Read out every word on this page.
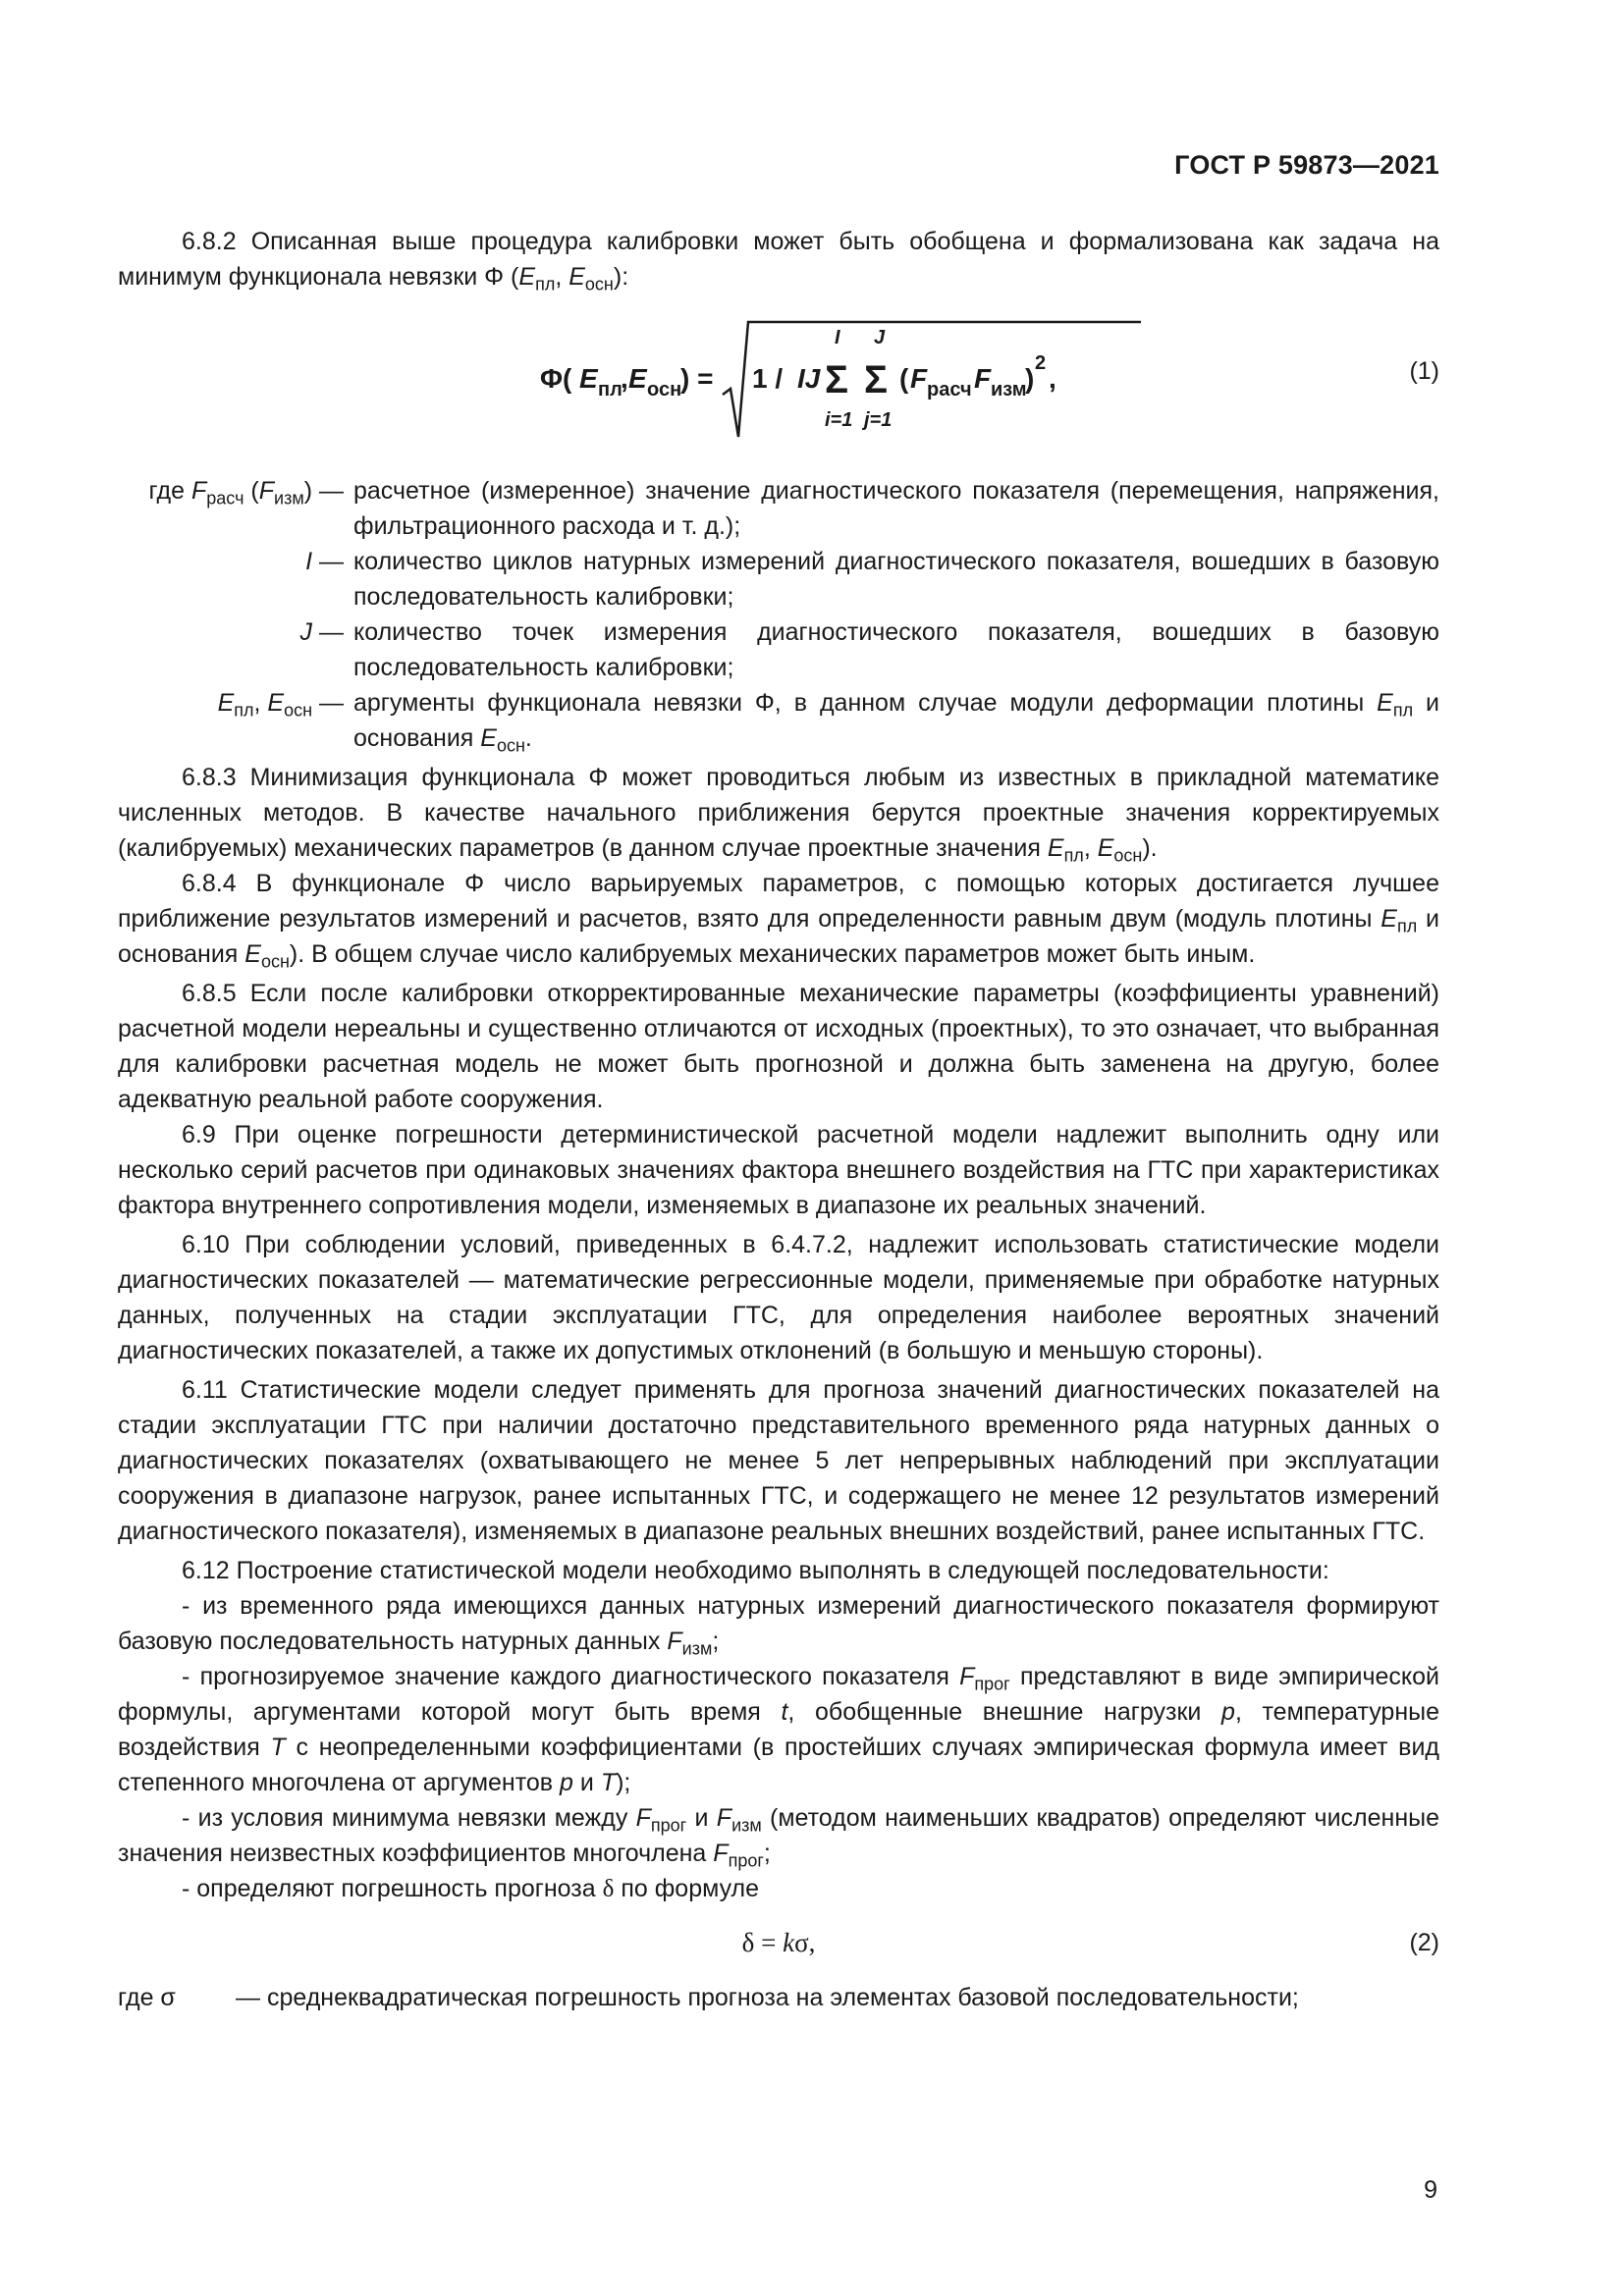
ГОСТ Р 59873—2021

6.8.2 Описанная выше процедура калибровки может быть обобщена и формализована как задача на минимум функционала невязки Φ ($E_{пл}$, $E_{осн}$):

Φ( E пл
, E осн
) = 1 / IJ Σ
I
i=1
Σ
J
j=1
( F расч F изм
) 2 ,	(1)
где $F_{расч}$ $(F_{изм})$ — расчетное (измеренное) значение диагностического показателя (перемещения, напряжения, фильтрационного расхода и т. д.);
I — количество циклов натурных измерений диагностического показателя, вошедших в базовую последовательность калибровки;
J — количество точек измерения диагностического показателя, вошедших в базовую последовательность калибровки;
$E_{пл}$, $E_{осн}$ — аргументы функционала невязки Φ, в данном случае модули деформации плотины $E_{пл}$ и основания $E_{осн}$.

6.8.3 Минимизация функционала Φ может проводиться любым из известных в прикладной математике численных методов. В качестве начального приближения берутся проектные значения корректируемых (калибруемых) механических параметров (в данном случае проектные значения $E_{пл}$, $E_{осн}$).

6.8.4 В функционале Φ число варьируемых параметров, с помощью которых достигается лучшее приближение результатов измерений и расчетов, взято для определенности равным двум (модуль плотины $E_{пл}$ и основания $E_{осн}$). В общем случае число калибруемых механических параметров может быть иным.

6.8.5 Если после калибровки откорректированные механические параметры (коэффициенты уравнений) расчетной модели нереальны и существенно отличаются от исходных (проектных), то это означает, что выбранная для калибровки расчетная модель не может быть прогнозной и должна быть заменена на другую, более адекватную реальной работе сооружения.

6.9 При оценке погрешности детерминистической расчетной модели надлежит выполнить одну или несколько серий расчетов при одинаковых значениях фактора внешнего воздействия на ГТС при характеристиках фактора внутреннего сопротивления модели, изменяемых в диапазоне их реальных значений.

6.10 При соблюдении условий, приведенных в 6.4.7.2, надлежит использовать статистические модели диагностических показателей — математические регрессионные модели, применяемые при обработке натурных данных, полученных на стадии эксплуатации ГТС, для определения наиболее вероятных значений диагностических показателей, а также их допустимых отклонений (в большую и меньшую стороны).

6.11 Статистические модели следует применять для прогноза значений диагностических показателей на стадии эксплуатации ГТС при наличии достаточно представительного временного ряда натурных данных о диагностических показателях (охватывающего не менее 5 лет непрерывных наблюдений при эксплуатации сооружения в диапазоне нагрузок, ранее испытанных ГТС, и содержащего не менее 12 результатов измерений диагностического показателя), изменяемых в диапазоне реальных внешних воздействий, ранее испытанных ГТС.

6.12 Построение статистической модели необходимо выполнять в следующей последовательности:

- из временного ряда имеющихся данных натурных измерений диагностического показателя формируют базовую последовательность натурных данных $F_{изм}$;

- прогнозируемое значение каждого диагностического показателя $F_{прог}$ представляют в виде эмпирической формулы, аргументами которой могут быть время t, обобщенные внешние нагрузки p, температурные воздействия T с неопределенными коэффициентами (в простейших случаях эмпирическая формула имеет вид степенного многочлена от аргументов p и T);

- из условия минимума невязки между $F_{прог}$ и $F_{изм}$ (методом наименьших квадратов) определяют численные значения неизвестных коэффициентов многочлена $F_{прог}$;

- определяют погрешность прогноза δ по формуле

δ = kσ,	(2)
где σ	— среднеквадратическая погрешность прогноза на элементах базовой последовательности;
9
